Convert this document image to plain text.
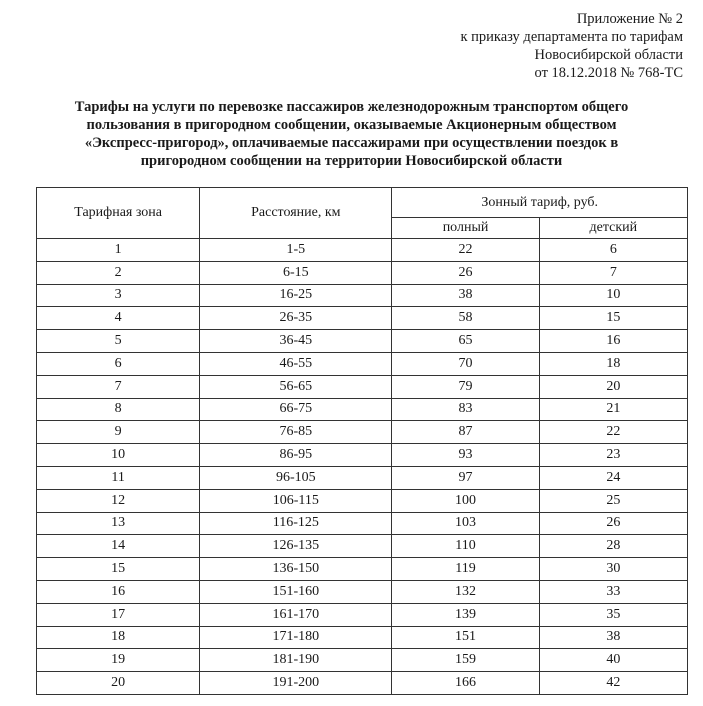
Приложение № 2
к приказу департамента по тарифам
Новосибирской области
от 18.12.2018 № 768-ТС
Тарифы на услуги по перевозке пассажиров железнодорожным транспортом общего
пользования в пригородном сообщении, оказываемые Акционерным обществом
«Экспресс-пригород», оплачиваемые пассажирами при осуществлении поездок в
пригородном сообщении на территории Новосибирской области
Тарифная зона	Расстояние, км	Зонный тариф, руб.	
		полный	детский
1	1-5	22	6
2	6-15	26	7
3	16-25	38	10
4	26-35	58	15
5	36-45	65	16
6	46-55	70	18
7	56-65	79	20
8	66-75	83	21
9	76-85	87	22
10	86-95	93	23
11	96-105	97	24
12	106-115	100	25
13	116-125	103	26
14	126-135	110	28
15	136-150	119	30
16	151-160	132	33
17	161-170	139	35
18	171-180	151	38
19	181-190	159	40
20	191-200	166	42
